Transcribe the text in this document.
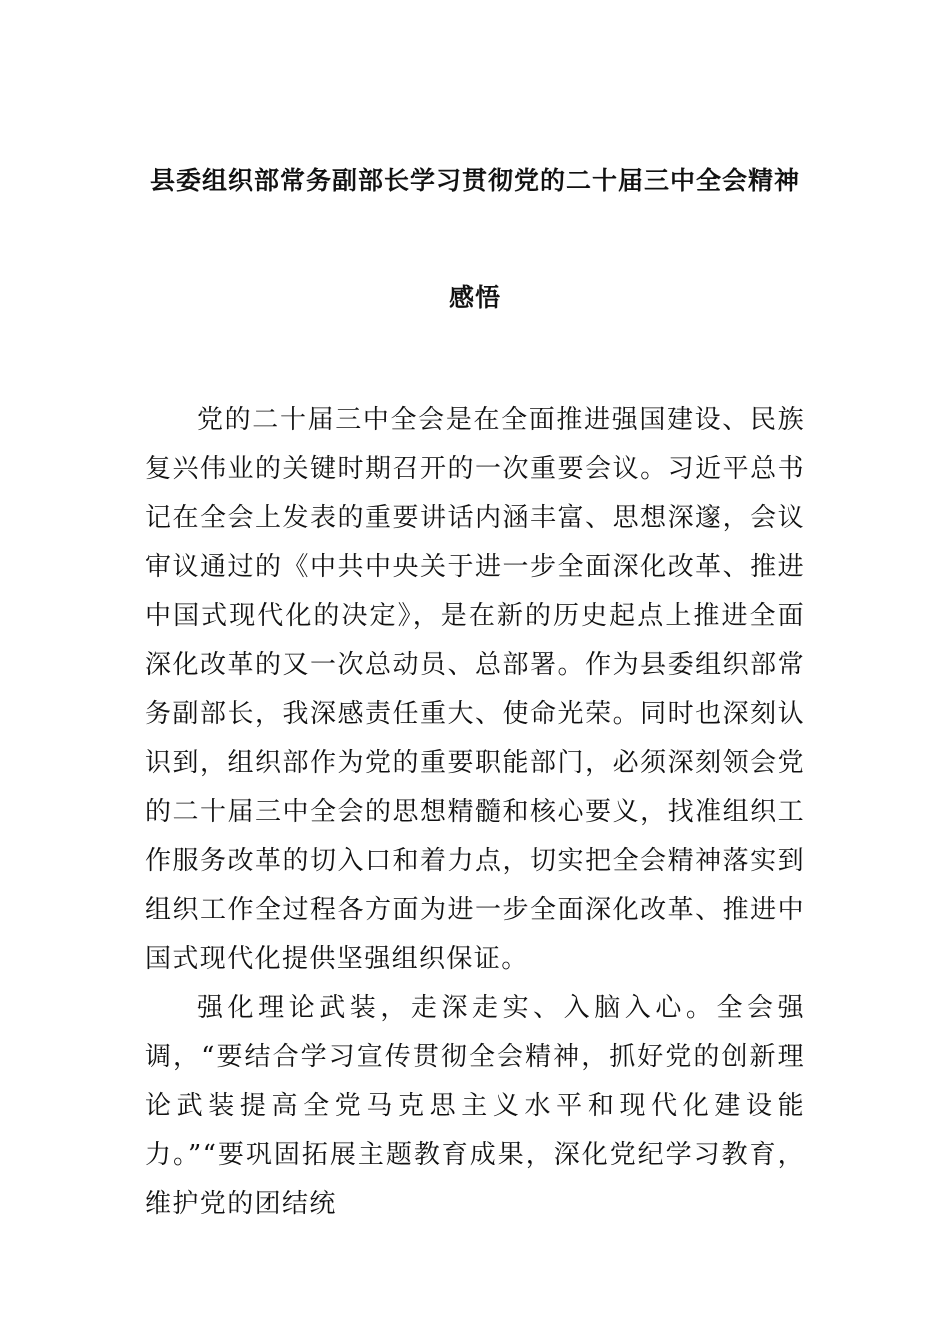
县委组织部常务副部长学习贯彻党的二十届三中全会精神
感悟

党的二十届三中全会是在全面推进强国建设、民族复兴伟业的关键时期召开的一次重要会议。习近平总书记在全会上发表的重要讲话内涵丰富、思想深邃，会议审议通过的《中共中央关于进一步全面深化改革、推进中国式现代化的决定》，是在新的历史起点上推进全面深化改革的又一次总动员、总部署。作为县委组织部常务副部长，我深感责任重大、使命光荣。同时也深刻认识到，组织部作为党的重要职能部门，必须深刻领会党的二十届三中全会的思想精髓和核心要义，找准组织工作服务改革的切入口和着力点，切实把全会精神落实到组织工作全过程各方面为进一步全面深化改革、推进中国式现代化提供坚强组织保证。

强化理论武装，走深走实、入脑入心。全会强调，“要结合学习宣传贯彻全会精神，抓好党的创新理论武装提高全党马克思主义水平和现代化建设能力。”“要巩固拓展主题教育成果，深化党纪学习教育，维护党的团结统
